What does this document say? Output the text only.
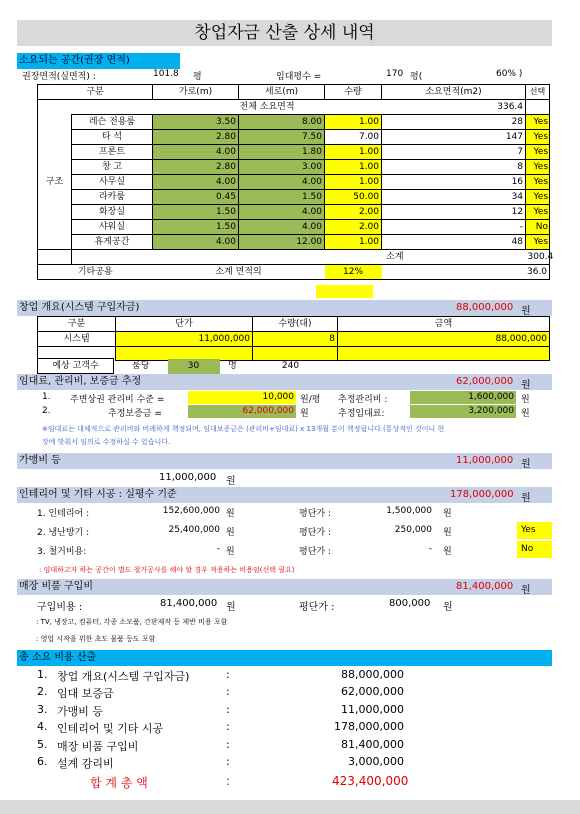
창업자금 산출 상세 내역
소요되는 공간(권장 면적)
권장면적(실면적) :	101.8 평	임대평수 =	170 평(	60% )
구분		가로(m)	세로(m)	수량	소요면적(m2)	선택
		전체 소요면적			336.4	
구조	레슨 전용룸	3.50	8.00	1.00	28	Yes
	타 석	2.80	7.50	7.00	147	Yes
	프론트	4.00	1.80	1.00	7	Yes
	창 고	2.80	3.00	1.00	8	Yes
	사무실	4.00	4.00	1.00	16	Yes
	라카룸	0.45	1.50	50.00	34	Yes
	화장실	1.50	4.00	2.00	12	Yes
	샤워실	1.50	4.00	2.00	-	No
	휴게공간	4.00	12.00	1.00	48	Yes
	소계					300.4
기타공용		소계 면적의		12%	36.0	
창업 개요(시스템 구입자금)	88,000,000 원
구분	단가	수량(대)	금액
시스템	11,000,000	8	88,000,000

예상 고객수	룸당	30	명	240
임대료, 관리비, 보증금 추정	62,000,000 원
1. 주변상권 관리비 수준 =	10,000 원/평 추정관리비 :	1,600,000 원
2.	추정보증금 =	62,000,000 원	추정임대료:	3,200,000 원
※임대료는 대체적으로 관리비와 비례하게 책정되며, 임대보증금은 (관리비+임대료) x 13개월 분이 책정됩니다.(통상적인 것이니 현
장에 맞춰서 임의로 수정하실 수 있습니다.
가맹비 등	11,000,000 원
11,000,000 원
인테리어 및 기타 시공 : 실평수 기준	178,000,000 원
1. 인테리어 :	152,600,000 원	평단가 :	1,500,000 원
2. 냉난방기 :	25,400,000 원	평단가 :	250,000 원	Yes
3. 철거비용:	- 원	평단가 :	- 원	No
: 임대하고자 하는 공간이 별도 철거공사를 해야 할 경우 적용하는 비용임(선택 필요)
매장 비품 구입비	81,400,000 원
구입비용 :	81,400,000 원	평단가 :	800,000 원
: TV, 냉장고, 컴퓨터, 각종 소모품, 간판제작 등 제반 비용 포함
: 영업 시작을 위한 초도 물품 등도 포함
총 소요 비용 산출
1. 창업 개요(시스템 구입자금)	:	88,000,000
2. 임대 보증금	:	62,000,000
3. 가맹비 등	:	11,000,000
4. 인테리어 및 기타 시공	:	178,000,000
5. 매장 비품 구입비	:	81,400,000
6. 설계 감리비	:	3,000,000
합 계 총 액	:	423,400,000
